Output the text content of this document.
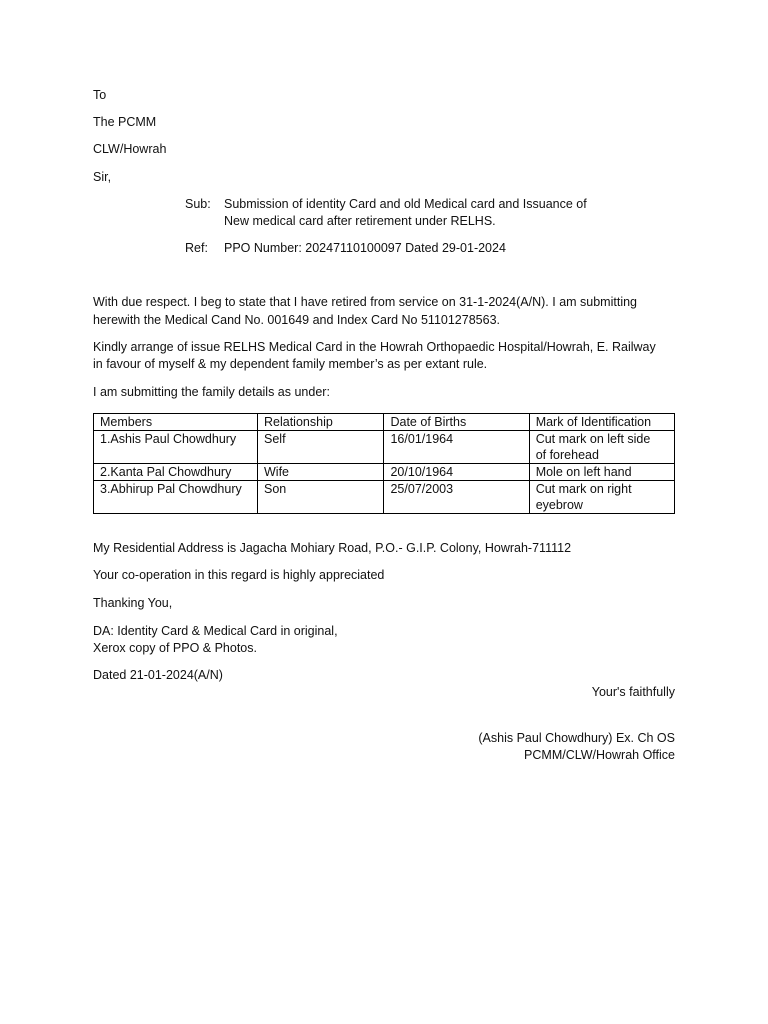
To
The PCMM
CLW/Howrah
Sir,
Sub:	Submission of identity Card and old Medical card and Issuance of
New medical card after retirement under RELHS.
Ref:	PPO Number: 20247110100097 Dated 29-01-2024
With due respect. I beg to state that I have retired from service on 31-1-2024(A/N). I am submitting
herewith the Medical Cand No. 001649 and Index Card No 51101278563.
Kindly arrange of issue RELHS Medical Card in the Howrah Orthopaedic Hospital/Howrah, E. Railway
in favour of myself & my dependent family member’s as per extant rule.
I am submitting the family details as under:
Members	Relationship	Date of Births	Mark of Identification
1.Ashis Paul Chowdhury	Self	16/01/1964	Cut mark on left side
of forehead
2.Kanta Pal Chowdhury	Wife	20/10/1964	Mole on left hand
3.Abhirup Pal Chowdhury	Son	25/07/2003	Cut mark on right
eyebrow
My Residential Address is Jagacha Mohiary Road, P.O.- G.I.P. Colony, Howrah-711112
Your co-operation in this regard is highly appreciated
Thanking You,
DA: Identity Card & Medical Card in original,
Xerox copy of PPO & Photos.
Dated 21-01-2024(A/N)
Your's faithfully
(Ashis Paul Chowdhury) Ex. Ch OS
PCMM/CLW/Howrah Office
